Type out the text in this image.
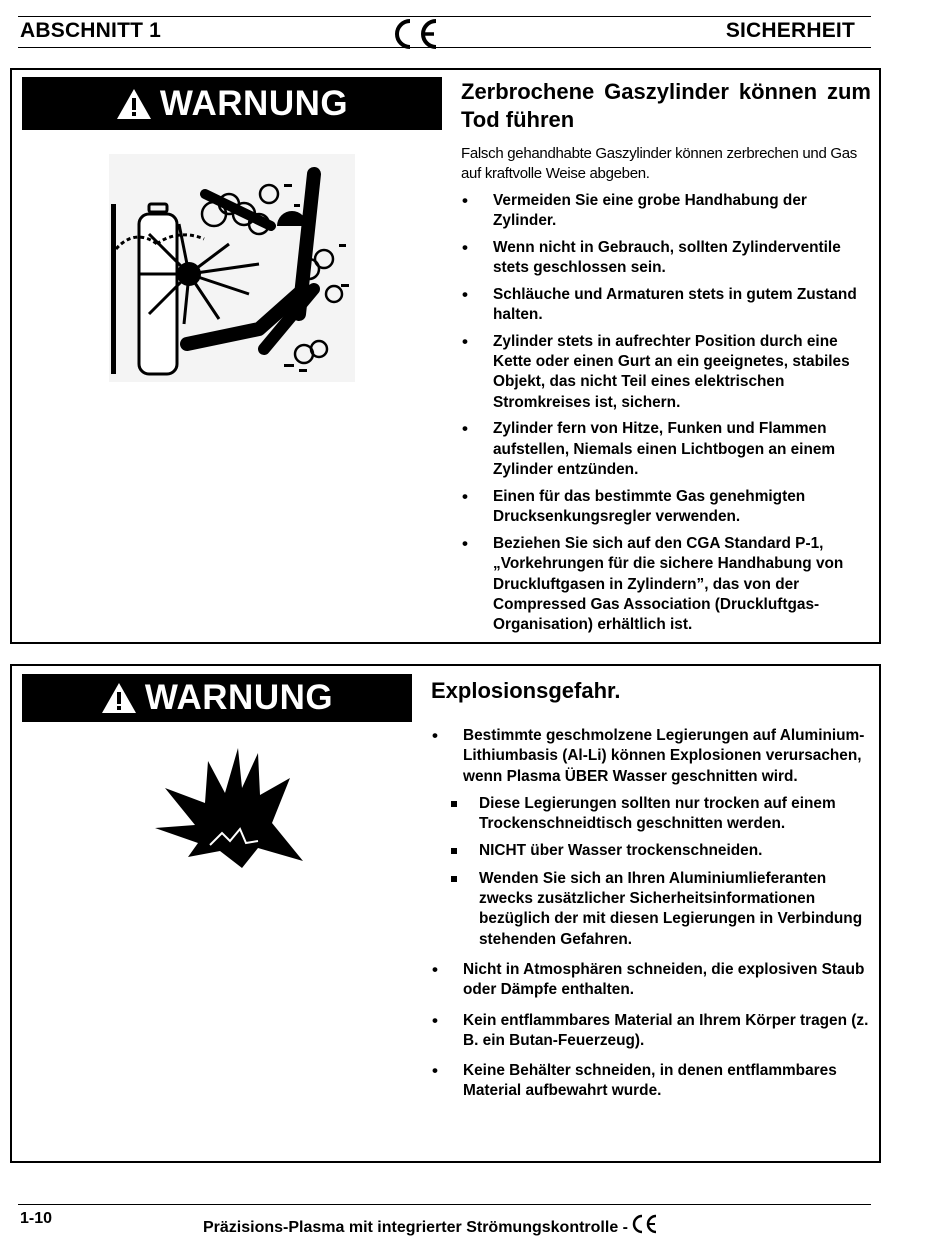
ABSCHNITT 1	SICHERHEIT
WARNUNG	Zerbrochene Gaszylinder können zum Tod führen
Falsch gehandhabte Gaszylinder können zerbrechen und Gas auf kraftvolle Weise abgeben.
• Vermeiden Sie eine grobe Handhabung der Zylinder.
• Wenn nicht in Gebrauch, sollten Zylinderventile stets geschlossen sein.
• Schläuche und Armaturen stets in gutem Zustand halten.
• Zylinder stets in aufrechter Position durch eine Kette oder einen Gurt an ein geeignetes, stabiles Objekt, das nicht Teil eines elektrischen Stromkreises ist, sichern.
• Zylinder fern von Hitze, Funken und Flammen aufstellen, Niemals einen Lichtbogen an einem Zylinder entzünden.
• Einen für das bestimmte Gas genehmigten Drucksenkungsregler verwenden.
• Beziehen Sie sich auf den CGA Standard P-1, „Vorkehrungen für die sichere Handhabung von Druckluftgasen in Zylindern”, das von der Compressed Gas Association (Druckluftgas-Organisation) erhältlich ist.
WARNUNG	Explosionsgefahr.
• Bestimmte geschmolzene Legierungen auf Aluminium-Lithiumbasis (Al-Li) können Explosionen verursachen, wenn Plasma ÜBER Wasser geschnitten wird.
Diese Legierungen sollten nur trocken auf einem Trockenschneidtisch geschnitten werden.
NICHT über Wasser trockenschneiden.
Wenden Sie sich an Ihren Aluminiumlieferanten zwecks zusätzlicher Sicherheitsinformationen bezüglich der mit diesen Legierungen in Verbindung stehenden Gefahren.
• Nicht in Atmosphären schneiden, die explosiven Staub oder Dämpfe enthalten.
• Kein entflammbares Material an Ihrem Körper tragen (z. B. ein Butan-Feuerzeug).
• Keine Behälter schneiden, in denen entflammbares Material aufbewahrt wurde.
1-10
Präzisions-Plasma mit integrierter Strömungskontrolle -
